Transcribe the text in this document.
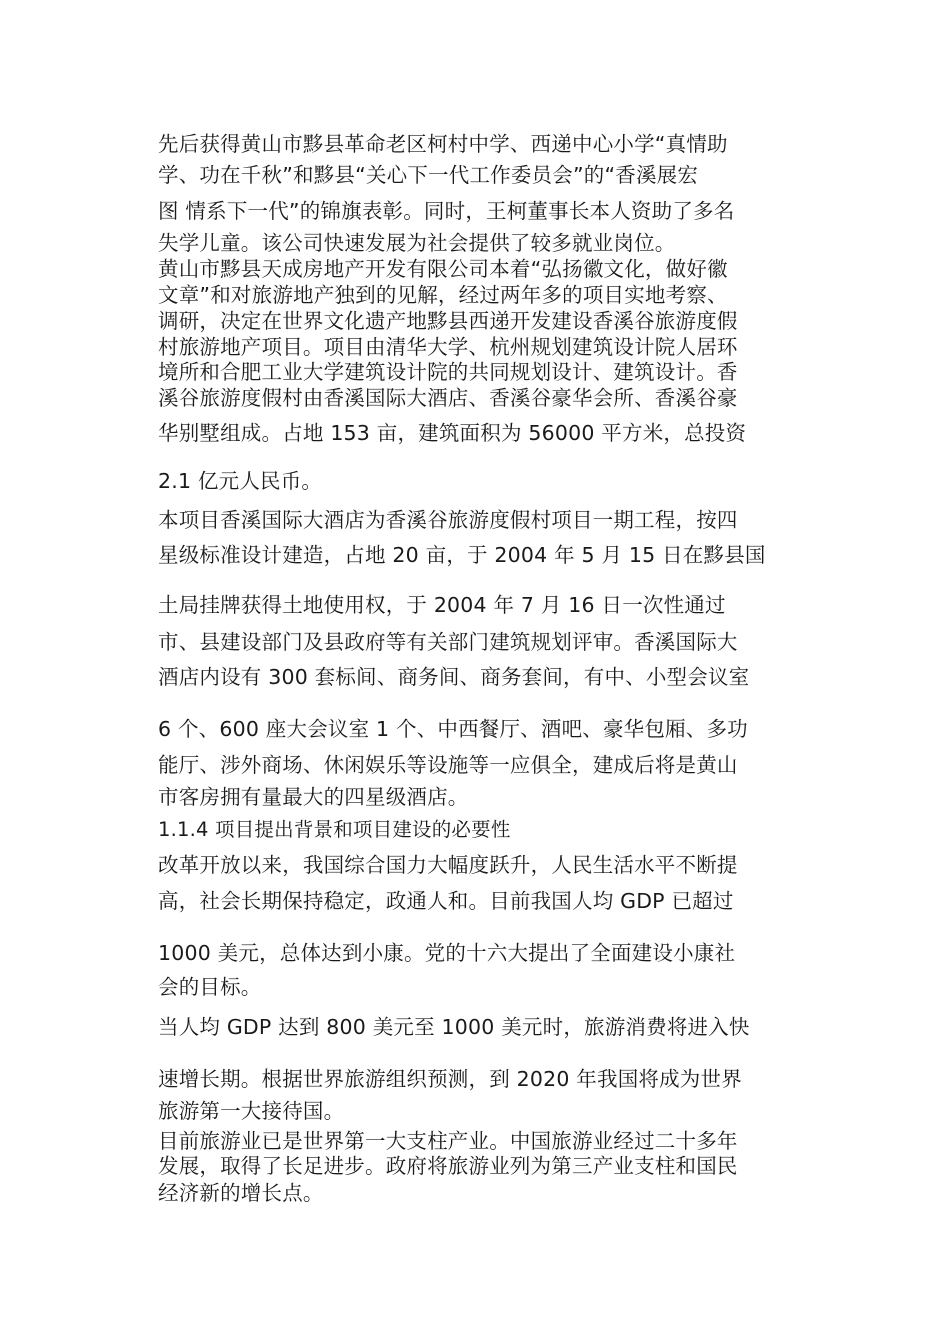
先后获得黄山市黟县革命老区柯村中学、西递中心小学“真情助
学、功在千秋”和黟县“关心下一代工作委员会”的“香溪展宏
图 情系下一代”的锦旗表彰。同时，王柯董事长本人资助了多名
失学儿童。该公司快速发展为社会提供了较多就业岗位。
黄山市黟县天成房地产开发有限公司本着“弘扬徽文化，做好徽
文章”和对旅游地产独到的见解，经过两年多的项目实地考察、
调研，决定在世界文化遗产地黟县西递开发建设香溪谷旅游度假
村旅游地产项目。项目由清华大学、杭州规划建筑设计院人居环
境所和合肥工业大学建筑设计院的共同规划设计、建筑设计。香
溪谷旅游度假村由香溪国际大酒店、香溪谷豪华会所、香溪谷豪
华别墅组成。占地 153 亩，建筑面积为 56000 平方米，总投资
2.1 亿元人民币。
本项目香溪国际大酒店为香溪谷旅游度假村项目一期工程，按四
星级标准设计建造，占地 20 亩，于 2004 年 5 月 15 日在黟县国
土局挂牌获得土地使用权，于 2004 年 7 月 16 日一次性通过
市、县建设部门及县政府等有关部门建筑规划评审。香溪国际大
酒店内设有 300 套标间、商务间、商务套间，有中、小型会议室
6 个、600 座大会议室 1 个、中西餐厅、酒吧、豪华包厢、多功
能厅、涉外商场、休闲娱乐等设施等一应俱全，建成后将是黄山
市客房拥有量最大的四星级酒店。
1.1.4 项目提出背景和项目建设的必要性
改革开放以来，我国综合国力大幅度跃升，人民生活水平不断提
高，社会长期保持稳定，政通人和。目前我国人均 GDP 已超过
1000 美元，总体达到小康。党的十六大提出了全面建设小康社
会的目标。
当人均 GDP 达到 800 美元至 1000 美元时，旅游消费将进入快
速增长期。根据世界旅游组织预测，到 2020 年我国将成为世界
旅游第一大接待国。
目前旅游业已是世界第一大支柱产业。中国旅游业经过二十多年
发展，取得了长足进步。政府将旅游业列为第三产业支柱和国民
经济新的增长点。
